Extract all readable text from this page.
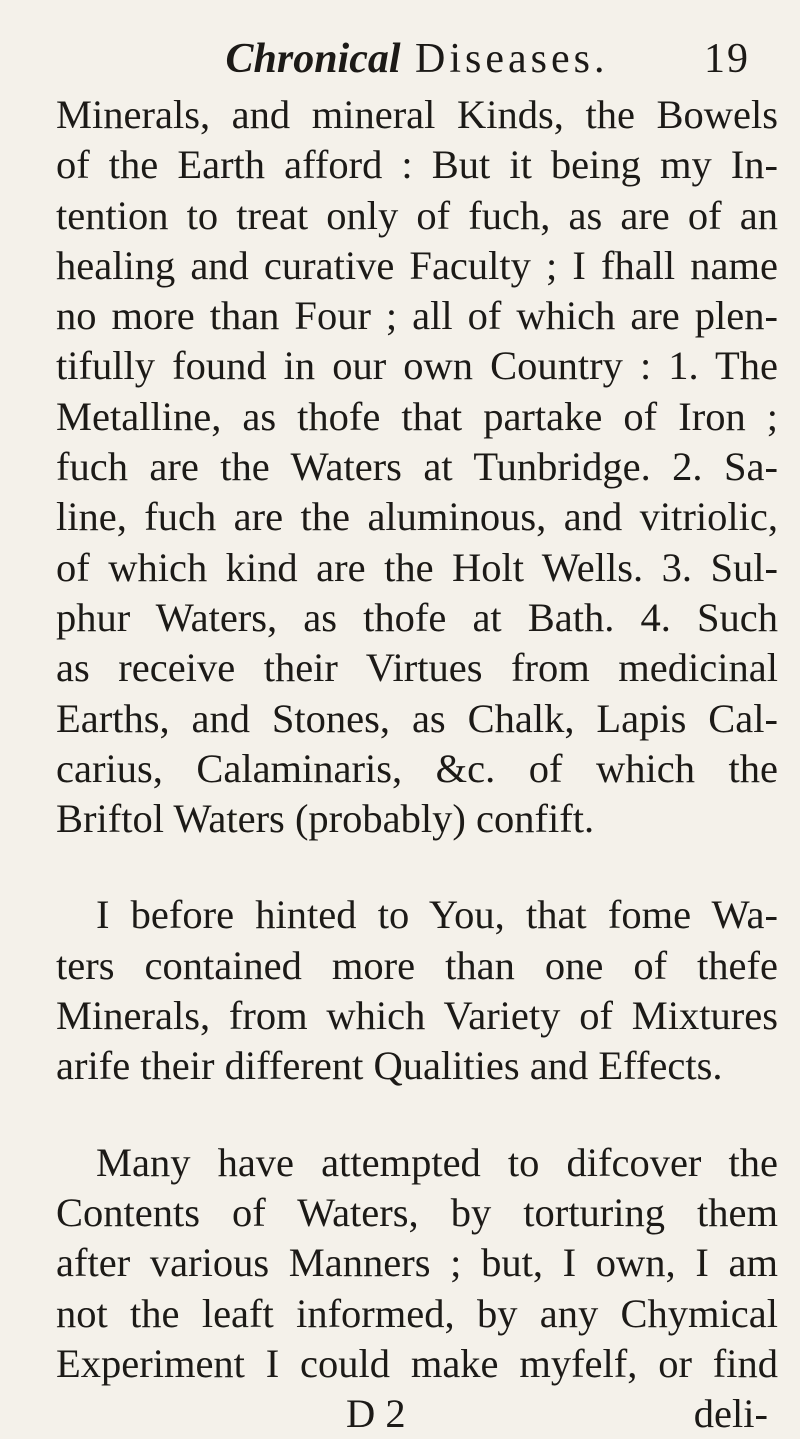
Chronical Diseases. 19
Minerals, and mineral Kinds, the Bowels
of the Earth afford : But it being my In-
tention to treat only of fuch, as are of an
healing and curative Faculty ; I fhall name
no more than Four ; all of which are plen-
tifully found in our own Country : 1. The
Metalline, as thofe that partake of Iron ;
fuch are the Waters at Tunbridge. 2. Sa-
line, fuch are the aluminous, and vitriolic,
of which kind are the Holt Wells. 3. Sul-
phur Waters, as thofe at Bath. 4. Such
as receive their Virtues from medicinal
Earths, and Stones, as Chalk, Lapis Cal-
carius, Calaminaris, &c. of which the
Briftol Waters (probably) confift.
I before hinted to You, that fome Wa-
ters contained more than one of thefe
Minerals, from which Variety of Mixtures
arife their different Qualities and Effects.
Many have attempted to difcover the
Contents of Waters, by torturing them
after various Manners ; but, I own, I am
not the leaft informed, by any Chymical
Experiment I could make myfelf, or find
D 2	deli-
